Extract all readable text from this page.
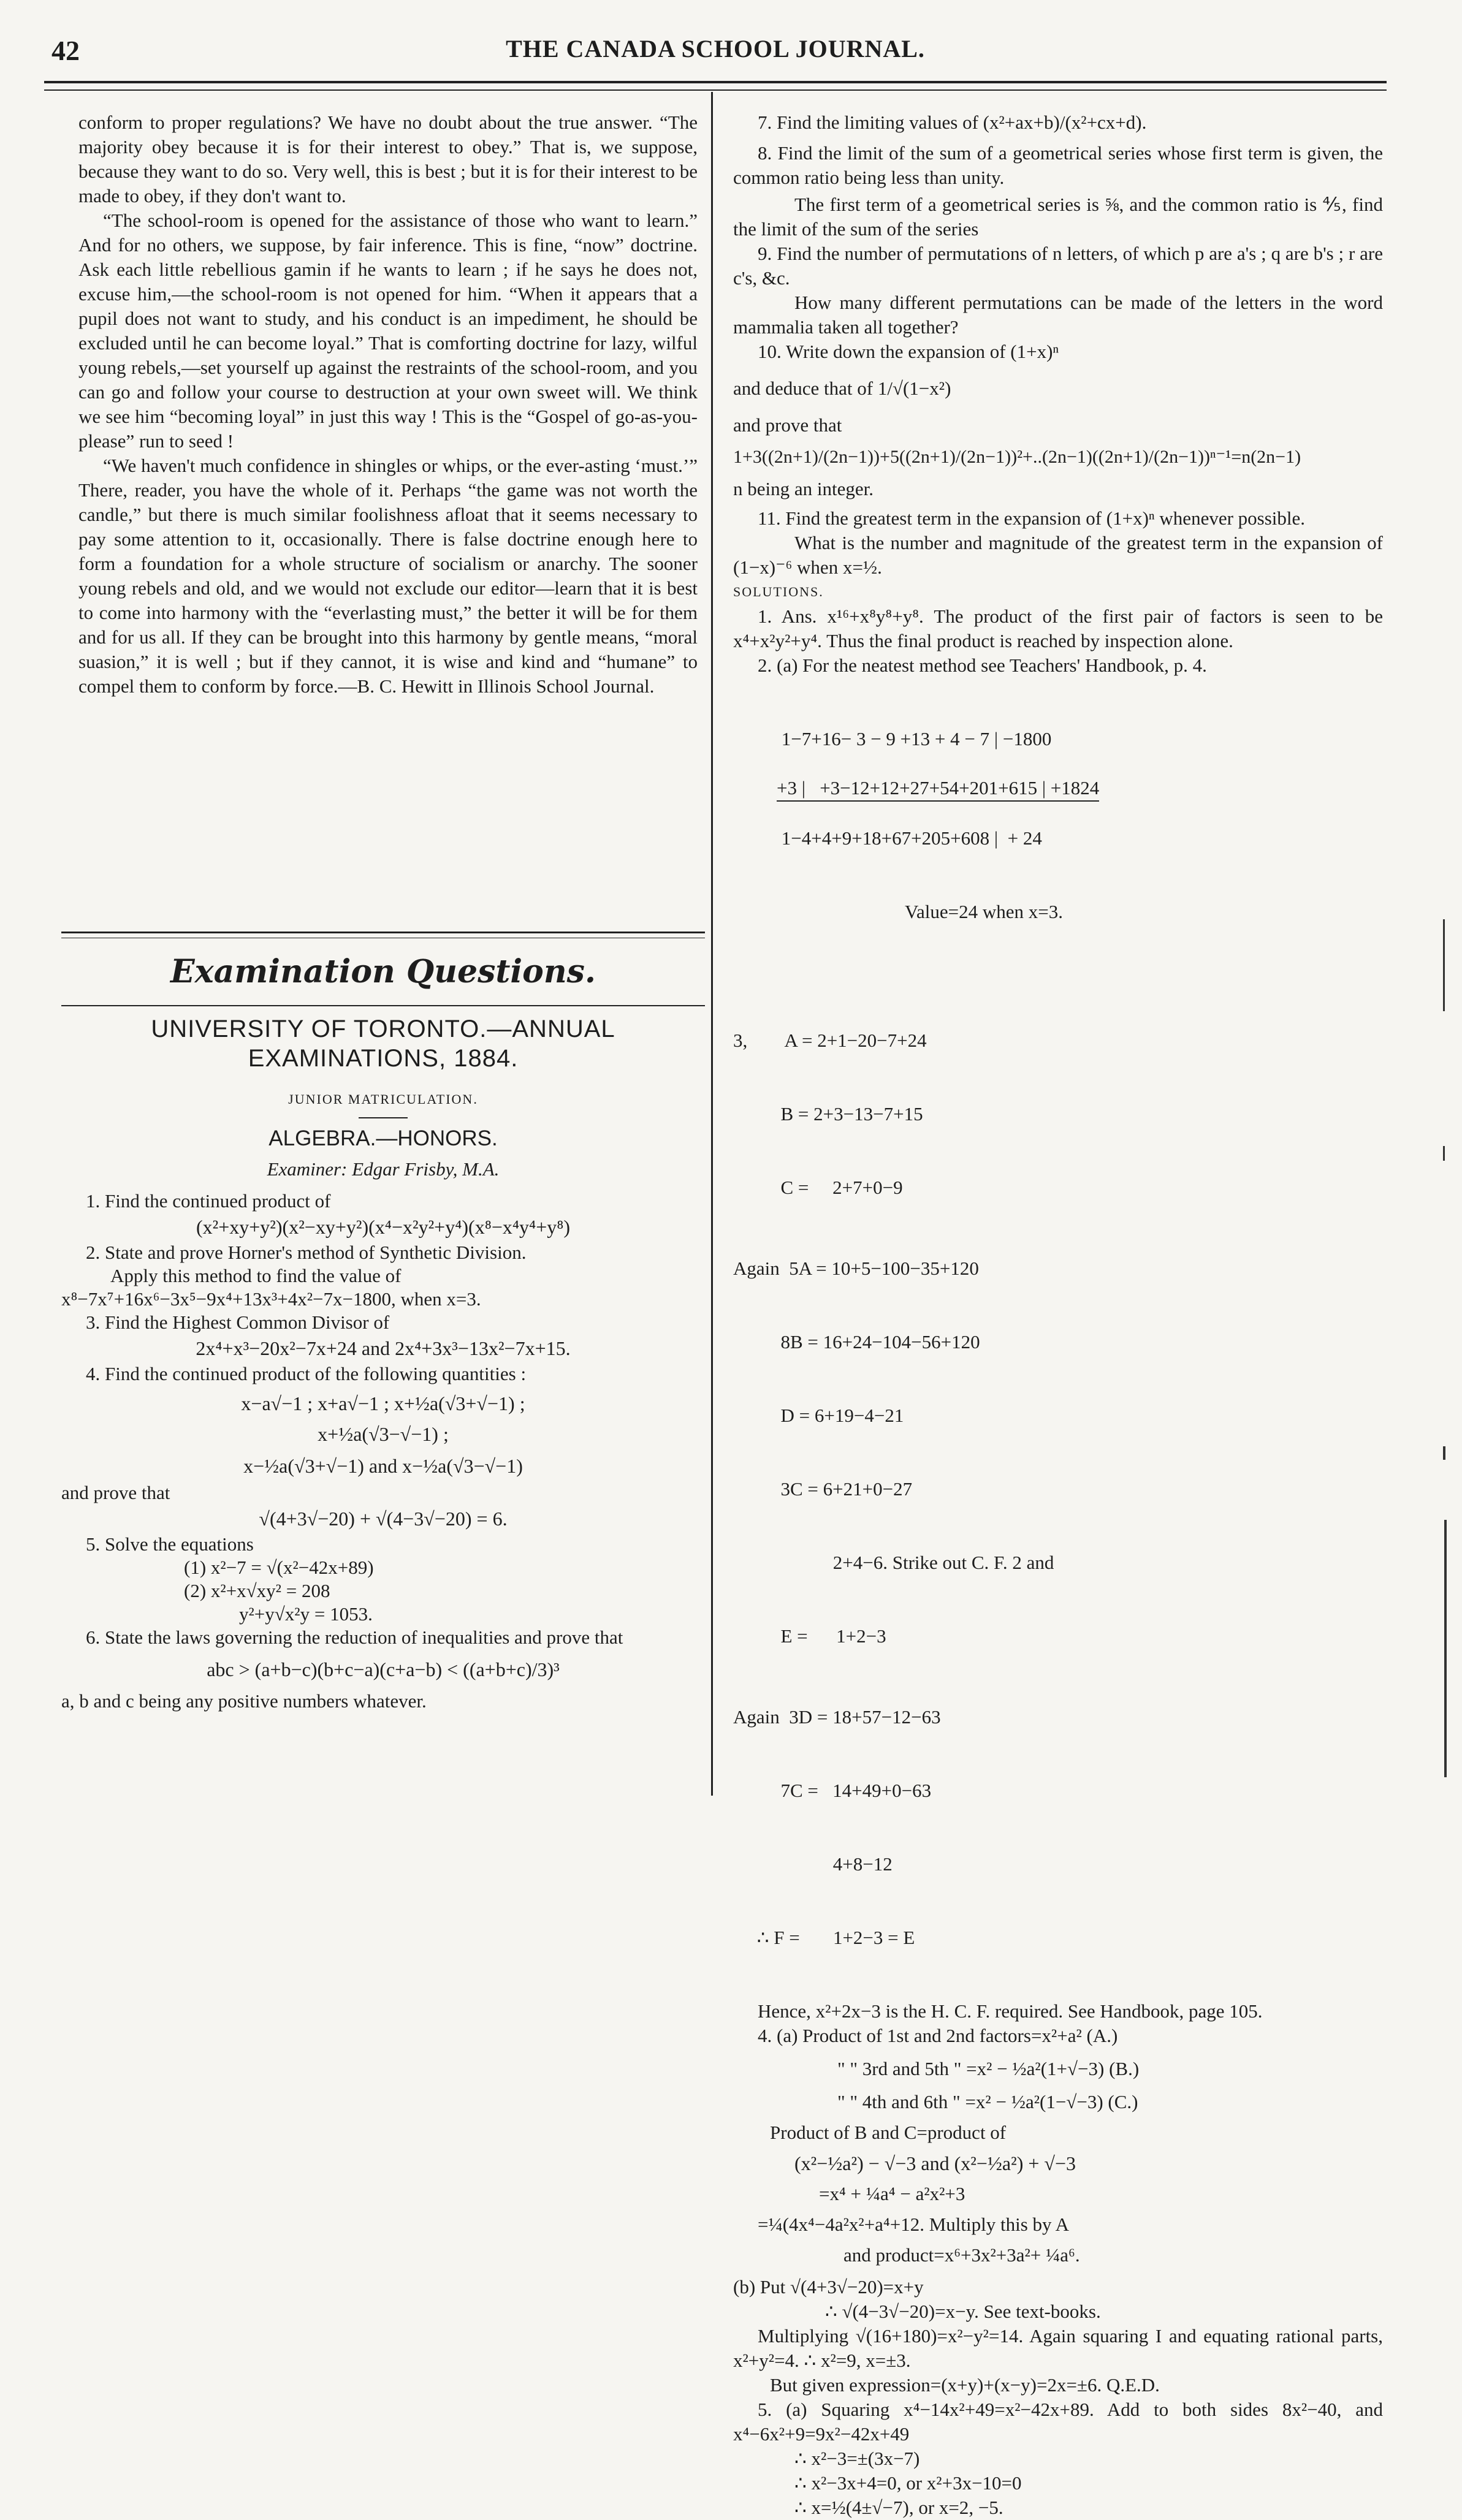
42	THE CANADA SCHOOL JOURNAL.

conform to proper regulations? We have no doubt about the true answer. “The majority obey because it is for their interest to obey.” That is, we suppose, because they want to do so. Very well, this is best ; but it is for their interest to be made to obey, if they don't want to.

“The school-room is opened for the assistance of those who want to learn.” And for no others, we suppose, by fair inference. This is fine, “now” doctrine. Ask each little rebellious gamin if he wants to learn ; if he says he does not, excuse him,—the school-room is not opened for him. “When it appears that a pupil does not want to study, and his conduct is an impediment, he should be excluded until he can become loyal.” That is comforting doctrine for lazy, wilful young rebels,—set yourself up against the restraints of the school-room, and you can go and follow your course to destruction at your own sweet will. We think we see him “becoming loyal” in just this way ! This is the “Gospel of go-as-you-please” run to seed !

“We haven't much confidence in shingles or whips, or the ever-asting ‘must.’” There, reader, you have the whole of it. Perhaps “the game was not worth the candle,” but there is much similar foolishness afloat that it seems necessary to pay some attention to it, occasionally. There is false doctrine enough here to form a foundation for a whole structure of socialism or anarchy. The sooner young rebels and old, and we would not exclude our editor—learn that it is best to come into harmony with the “everlasting must,” the better it will be for them and for us all. If they can be brought into this harmony by gentle means, “moral suasion,” it is well ; but if they cannot, it is wise and kind and “humane” to compel them to conform by force.—B. C. Hewitt in Illinois School Journal.

Examination Questions.

UNIVERSITY OF TORONTO.—ANNUAL EXAMINATIONS, 1884.

JUNIOR MATRICULATION.

ALGEBRA.—HONORS.

Examiner: Edgar Frisby, M.A.

1. Find the continued product of

(x²+xy+y²)(x²−xy+y²)(x⁴−x²y²+y⁴)(x⁸−x⁴y⁴+y⁸)

2. State and prove Horner's method of Synthetic Division.

Apply this method to find the value of

x⁸−7x⁷+16x⁶−3x⁵−9x⁴+13x³+4x²−7x−1800, when x=3.

3. Find the Highest Common Divisor of

2x⁴+x³−20x²−7x+24 and 2x⁴+3x³−13x²−7x+15.

4. Find the continued product of the following quantities :

x−a√−1 ; x+a√−1 ; x+½a(√3+√−1) ;

x+½a(√3−√−1) ;

x−½a(√3+√−1) and x−½a(√3−√−1)

and prove that

√(4+3√−20) + √(4−3√−20) = 6.

5. Solve the equations

(1) x²−7 = √(x²−42x+89)

(2) x²+x√xy² = 208

y²+y√x²y = 1053.

6. State the laws governing the reduction of inequalities and prove that

abc > (a+b−c)(b+c−a)(c+a−b) < ((a+b+c)/3)³

a, b and c being any positive numbers whatever.

7. Find the limiting values of (x²+ax+b)/(x²+cx+d).

8. Find the limit of the sum of a geometrical series whose first term is given, the common ratio being less than unity.

The first term of a geometrical series is ⅝, and the common ratio is ⅘, find the limit of the sum of the series

9. Find the number of permutations of n letters, of which p are a's ; q are b's ; r are c's, &c.

How many different permutations can be made of the letters in the word mammalia taken all together?

10. Write down the expansion of (1+x)ⁿ

and deduce that of 1/√(1−x²)

and prove that

1+3((2n+1)/(2n−1))+5((2n+1)/(2n−1))²+..(2n−1)((2n+1)/(2n−1))ⁿ⁻¹=n(2n−1)

n being an integer.

11. Find the greatest term in the expansion of (1+x)ⁿ whenever possible.

What is the number and magnitude of the greatest term in the expansion of (1−x)⁻⁶ when x=½.

SOLUTIONS.

1. Ans. x¹⁶+x⁸y⁸+y⁸. The product of the first pair of factors is seen to be x⁴+x²y²+y⁴. Thus the final product is reached by inspection alone.

2. (a) For the neatest method see Teachers' Handbook, p. 4.

1−7+16− 3 − 9 +13 + 4 − 7 | −1800

+3 |   +3−12+12+27+54+201+615 | +1824

1−4+4+9+18+67+205+608 |  + 24

Value=24 when x=3.

3,        A = 2+1−20−7+24

B = 2+3−13−7+15

C =     2+7+0−9

Again  5A = 10+5−100−35+120

8B = 16+24−104−56+120

D = 6+19−4−21

3C = 6+21+0−27

2+4−6. Strike out C. F. 2 and

E =      1+2−3

Again  3D = 18+57−12−63

7C =   14+49+0−63

4+8−12

∴ F =       1+2−3 = E

Hence, x²+2x−3 is the H. C. F. required. See Handbook, page 105.

4. (a) Product of 1st and 2nd factors=x²+a² (A.)

" " 3rd and 5th " =x² − ½a²(1+√−3) (B.)

" " 4th and 6th " =x² − ½a²(1−√−3) (C.)

Product of B and C=product of

(x²−½a²) − √−3 and (x²−½a²) + √−3

=x⁴ + ¼a⁴ − a²x²+3

=¼(4x⁴−4a²x²+a⁴+12. Multiply this by A

and product=x⁶+3x²+3a²+ ¼a⁶.

(b) Put √(4+3√−20)=x+y

∴ √(4−3√−20)=x−y. See text-books.

Multiplying √(16+180)=x²−y²=14. Again squaring I and equating rational parts, x²+y²=4. ∴ x²=9, x=±3.

But given expression=(x+y)+(x−y)=2x=±6. Q.E.D.

5. (a) Squaring x⁴−14x²+49=x²−42x+89. Add to both sides 8x²−40, and x⁴−6x²+9=9x²−42x+49

∴ x²−3=±(3x−7)

∴ x²−3x+4=0, or x²+3x−10=0

∴ x=½(4±√−7), or x=2, −5.
